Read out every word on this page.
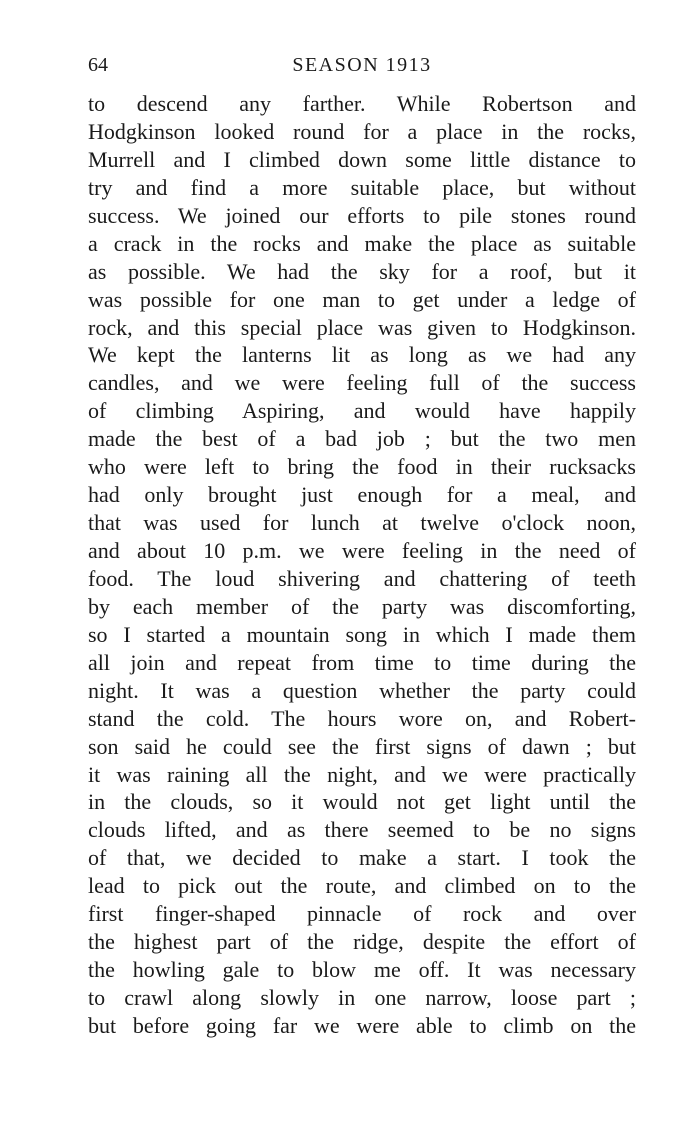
64	SEASON 1913
to descend any farther. While Robertson and
Hodgkinson looked round for a place in the rocks,
Murrell and I climbed down some little distance to
try and find a more suitable place, but without
success. We joined our efforts to pile stones round
a crack in the rocks and make the place as suitable
as possible. We had the sky for a roof, but it
was possible for one man to get under a ledge of
rock, and this special place was given to Hodgkinson.
We kept the lanterns lit as long as we had any
candles, and we were feeling full of the success
of climbing Aspiring, and would have happily
made the best of a bad job ; but the two men
who were left to bring the food in their rucksacks
had only brought just enough for a meal, and
that was used for lunch at twelve o'clock noon,
and about 10 p.m. we were feeling in the need of
food. The loud shivering and chattering of teeth
by each member of the party was discomforting,
so I started a mountain song in which I made them
all join and repeat from time to time during the
night. It was a question whether the party could
stand the cold. The hours wore on, and Robert-
son said he could see the first signs of dawn ; but
it was raining all the night, and we were practically
in the clouds, so it would not get light until the
clouds lifted, and as there seemed to be no signs
of that, we decided to make a start. I took the
lead to pick out the route, and climbed on to the
first finger-shaped pinnacle of rock and over
the highest part of the ridge, despite the effort of
the howling gale to blow me off. It was necessary
to crawl along slowly in one narrow, loose part ;
but before going far we were able to climb on the
